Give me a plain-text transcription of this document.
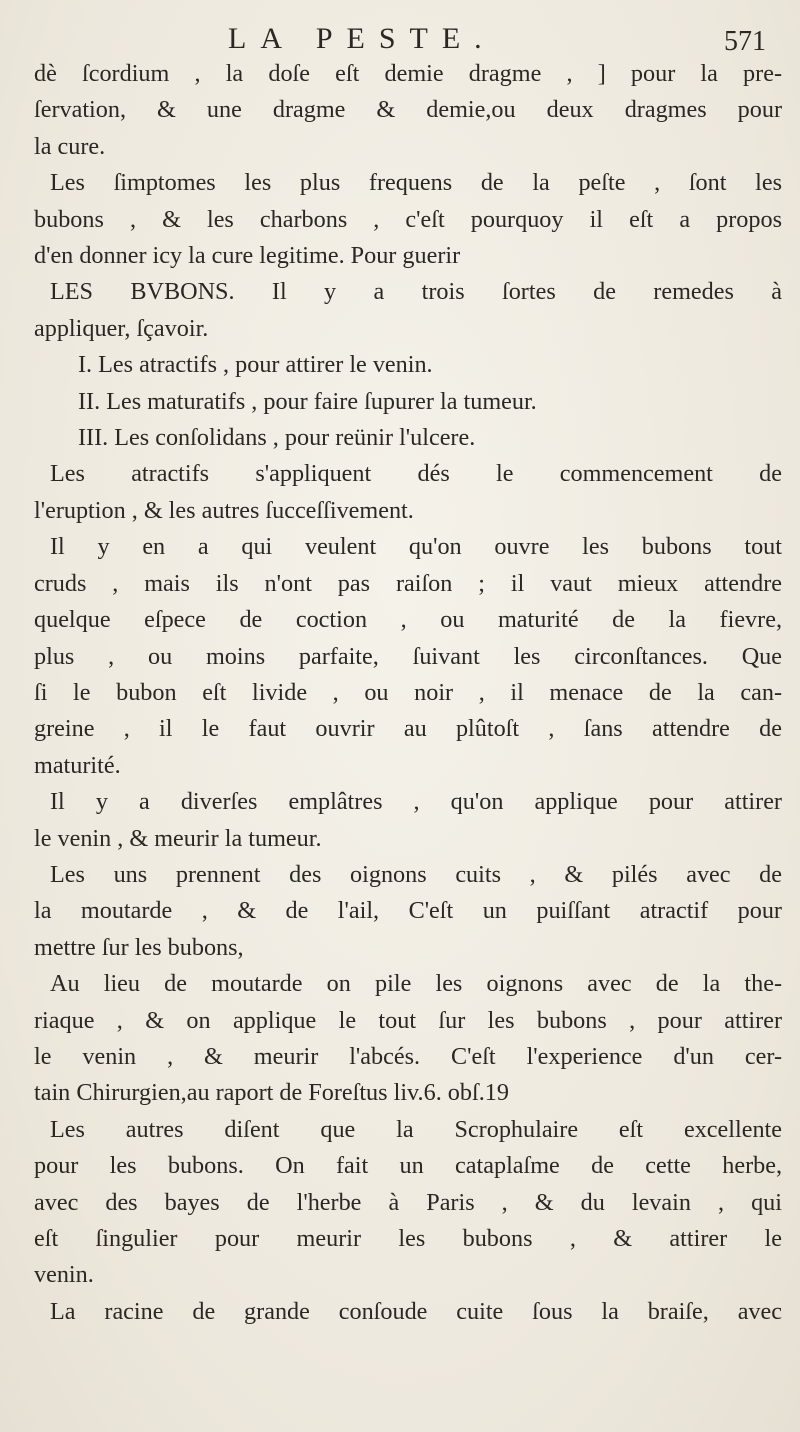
LA PESTE.	571
dè ſcordium , la doſe eſt demie dragme , ] pour la pre-
ſervation, & une dragme & demie,ou deux dragmes pour
la cure.
Les ſimptomes les plus frequens de la peſte , ſont les
bubons , & les charbons , c'eſt pourquoy il eſt a propos
d'en donner icy la cure legitime. Pour guerir
LES BVBONS. Il y a trois ſortes de remedes à
appliquer, ſçavoir.
I. Les atractifs , pour attirer le venin.
II. Les maturatifs , pour faire ſupurer la tumeur.
III. Les conſolidans , pour reünir l'ulcere.
Les atractifs s'appliquent dés le commencement de
l'eruption , & les autres ſucceſſivement.
Il y en a qui veulent qu'on ouvre les bubons tout
cruds , mais ils n'ont pas raiſon ; il vaut mieux attendre
quelque eſpece de coction , ou maturité de la fievre,
plus , ou moins parfaite, ſuivant les circonſtances. Que
ſi le bubon eſt livide , ou noir , il menace de la can-
greine , il le faut ouvrir au plûtoſt , ſans attendre de
maturité.
Il y a diverſes emplâtres , qu'on applique pour attirer
le venin , & meurir la tumeur.
Les uns prennent des oignons cuits , & pilés avec de
la moutarde , & de l'ail, C'eſt un puiſſant atractif pour
mettre ſur les bubons,
Au lieu de moutarde on pile les oignons avec de la the-
riaque , & on applique le tout ſur les bubons , pour attirer
le venin , & meurir l'abcés. C'eſt l'experience d'un cer-
tain Chirurgien,au raport de Foreſtus liv.6. obſ.19
Les autres diſent que la Scrophulaire eſt excellente
pour les bubons. On fait un cataplaſme de cette herbe,
avec des bayes de l'herbe à Paris , & du levain , qui
eſt ſingulier pour meurir les bubons , & attirer le
venin.
La racine de grande conſoude cuite ſous la braiſe, avec
